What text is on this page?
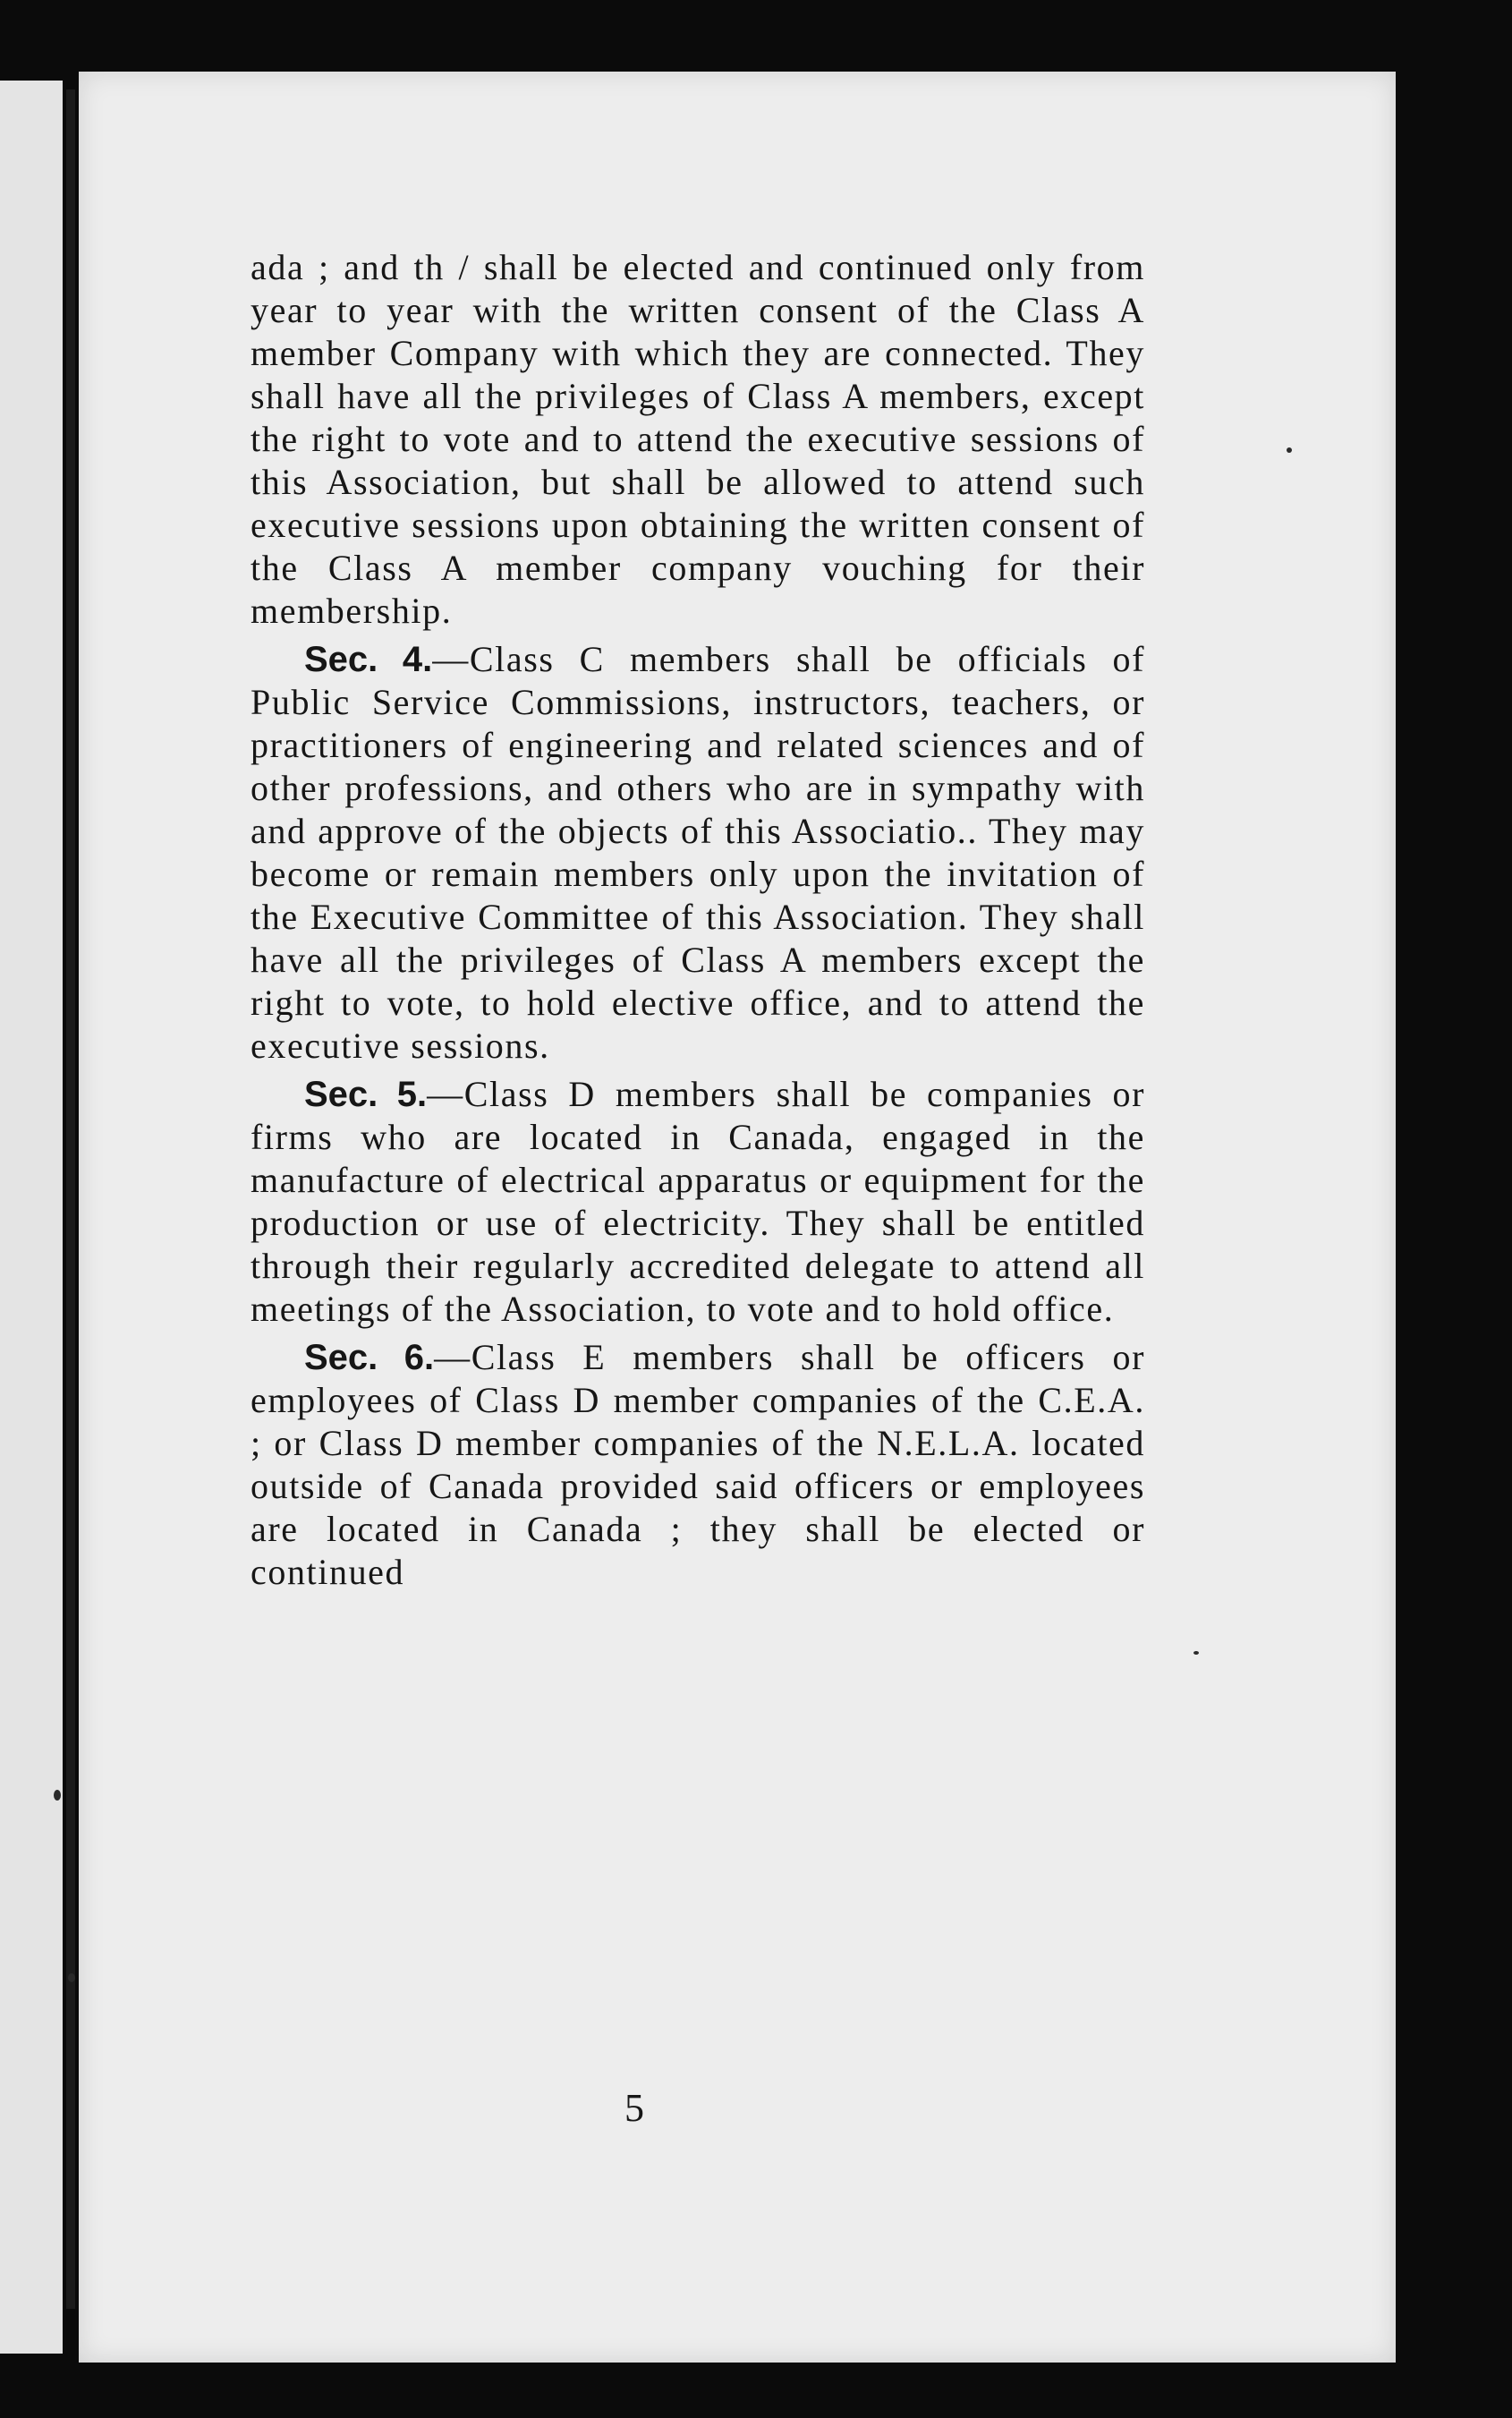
ada ; and th / shall be elected and continued only from year to year with the written consent of the Class A member Company with which they are connected. They shall have all the privileges of Class A members, except the right to vote and to attend the executive sessions of this Association, but shall be allowed to attend such executive sessions upon obtaining the written consent of the Class A member company vouching for their membership.

Sec. 4.—Class C members shall be officials of Public Service Commissions, instructors, teachers, or practitioners of engineering and related sciences and of other professions, and others who are in sympathy with and approve of the objects of this Associatio.. They may become or remain members only upon the invitation of the Executive Committee of this Association. They shall have all the privileges of Class A members except the right to vote, to hold elective office, and to attend the executive sessions.

Sec. 5.—Class D members shall be companies or firms who are located in Canada, engaged in the manufacture of electrical apparatus or equipment for the production or use of electricity. They shall be entitled through their regularly accredited delegate to attend all meetings of the Association, to vote and to hold office.

Sec. 6.—Class E members shall be officers or employees of Class D member companies of the C.E.A. ; or Class D member companies of the N.E.L.A. located outside of Canada provided said officers or employees are located in Canada ; they shall be elected or continued

5
